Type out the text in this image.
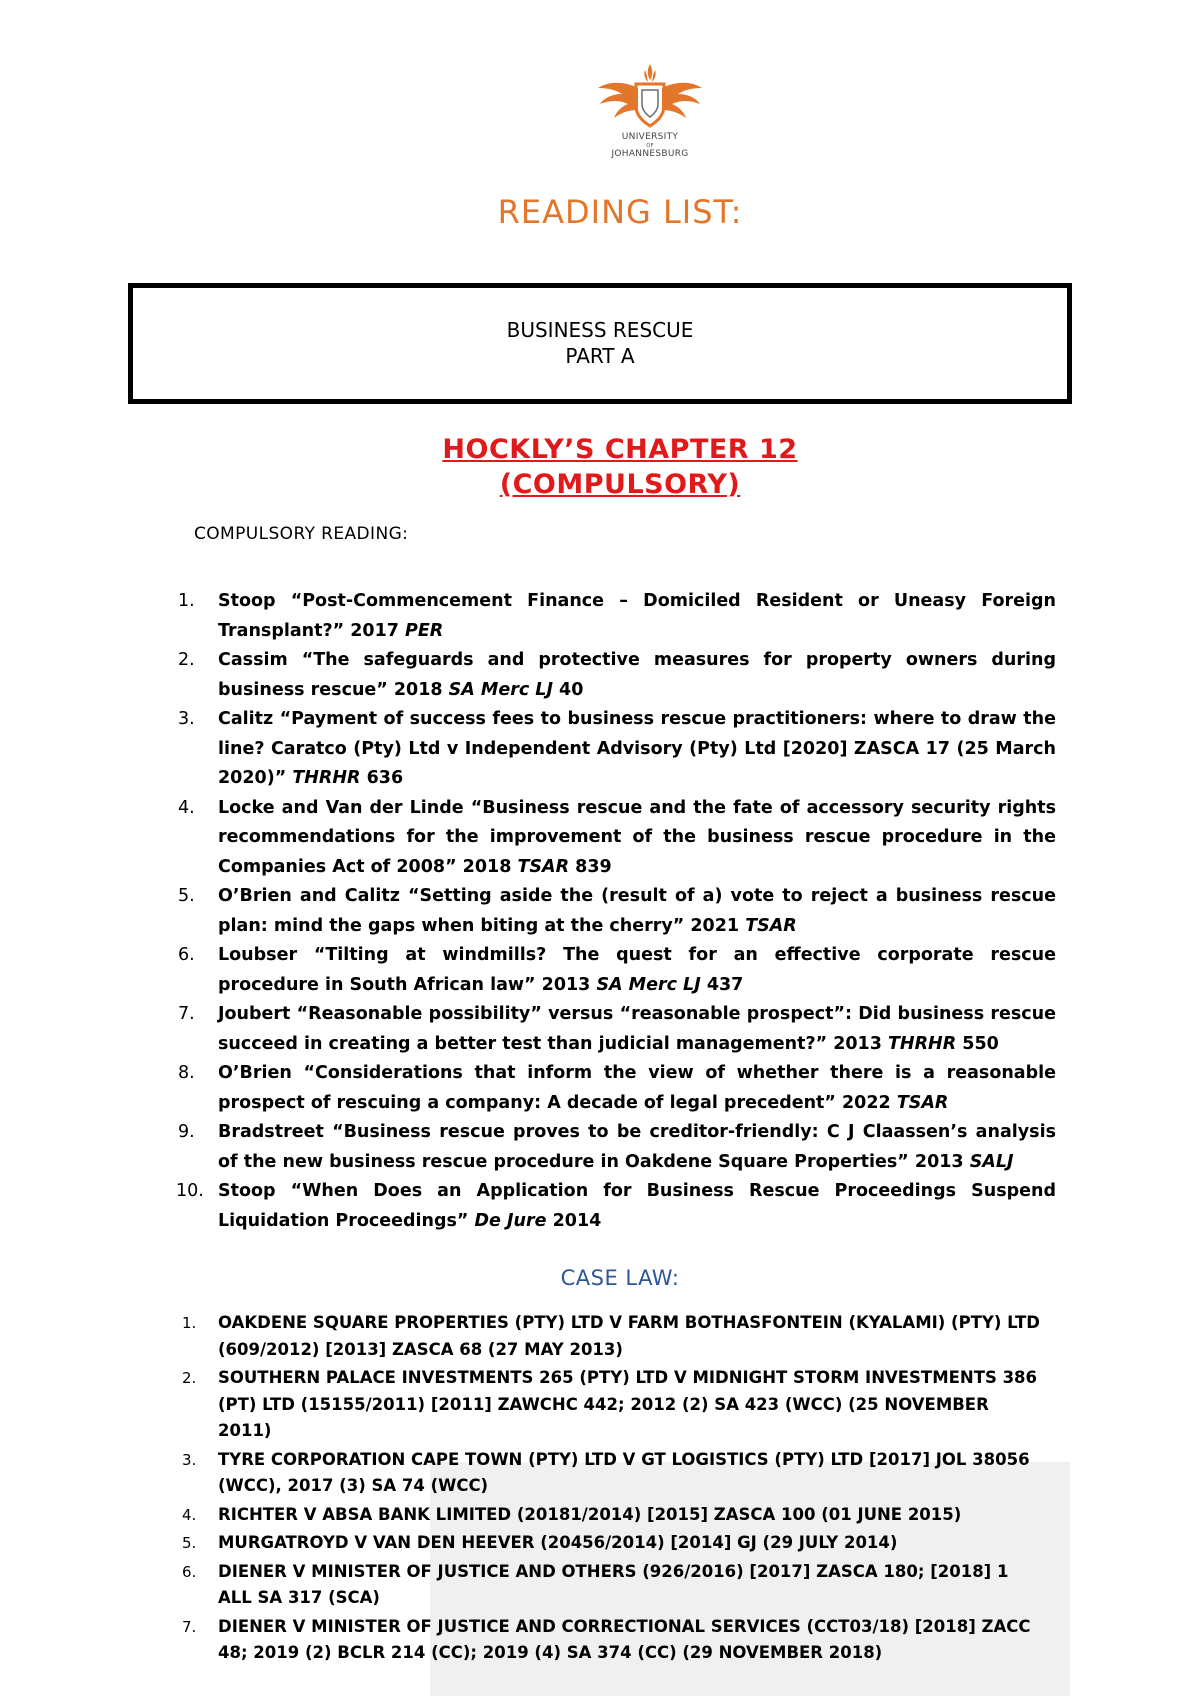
UNIVERSITY
OF
JOHANNESBURG
READING LIST:
BUSINESS RESCUE
PART A
HOCKLY’S CHAPTER 12
(COMPULSORY)
COMPULSORY READING:
1. Stoop “Post-Commencement Finance – Domiciled Resident or Uneasy Foreign Transplant?” 2017 PER
2. Cassim “The safeguards and protective measures for property owners during business rescue” 2018 SA Merc LJ 40
3. Calitz “Payment of success fees to business rescue practitioners: where to draw the line? Caratco (Pty) Ltd v Independent Advisory (Pty) Ltd [2020] ZASCA 17 (25 March 2020)” THRHR 636
4. Locke and Van der Linde “Business rescue and the fate of accessory security rights recommendations for the improvement of the business rescue procedure in the Companies Act of 2008” 2018 TSAR 839
5. O’Brien and Calitz “Setting aside the (result of a) vote to reject a business rescue plan: mind the gaps when biting at the cherry” 2021 TSAR
6. Loubser “Tilting at windmills? The quest for an effective corporate rescue procedure in South African law” 2013 SA Merc LJ 437
7. Joubert “Reasonable possibility” versus “reasonable prospect”: Did business rescue succeed in creating a better test than judicial management?” 2013 THRHR 550
8. O’Brien “Considerations that inform the view of whether there is a reasonable prospect of rescuing a company: A decade of legal precedent” 2022 TSAR
9. Bradstreet “Business rescue proves to be creditor-friendly: C J Claassen’s analysis of the new business rescue procedure in Oakdene Square Properties” 2013 SALJ
10. Stoop “When Does an Application for Business Rescue Proceedings Suspend Liquidation Proceedings” De Jure 2014
CASE LAW:
1. OAKDENE SQUARE PROPERTIES (PTY) LTD V FARM BOTHASFONTEIN (KYALAMI) (PTY) LTD (609/2012) [2013] ZASCA 68 (27 MAY 2013)
2. SOUTHERN PALACE INVESTMENTS 265 (PTY) LTD V MIDNIGHT STORM INVESTMENTS 386 (PT) LTD (15155/2011) [2011] ZAWCHC 442; 2012 (2) SA 423 (WCC) (25 NOVEMBER 2011)
3. TYRE CORPORATION CAPE TOWN (PTY) LTD V GT LOGISTICS (PTY) LTD [2017] JOL 38056 (WCC), 2017 (3) SA 74 (WCC)
4. RICHTER V ABSA BANK LIMITED (20181/2014) [2015] ZASCA 100 (01 JUNE 2015)
5. MURGATROYD V VAN DEN HEEVER (20456/2014) [2014] GJ (29 JULY 2014)
6. DIENER V MINISTER OF JUSTICE AND OTHERS (926/2016) [2017] ZASCA 180; [2018] 1 ALL SA 317 (SCA)
7. DIENER V MINISTER OF JUSTICE AND CORRECTIONAL SERVICES (CCT03/18) [2018] ZACC 48; 2019 (2) BCLR 214 (CC); 2019 (4) SA 374 (CC) (29 NOVEMBER 2018)
